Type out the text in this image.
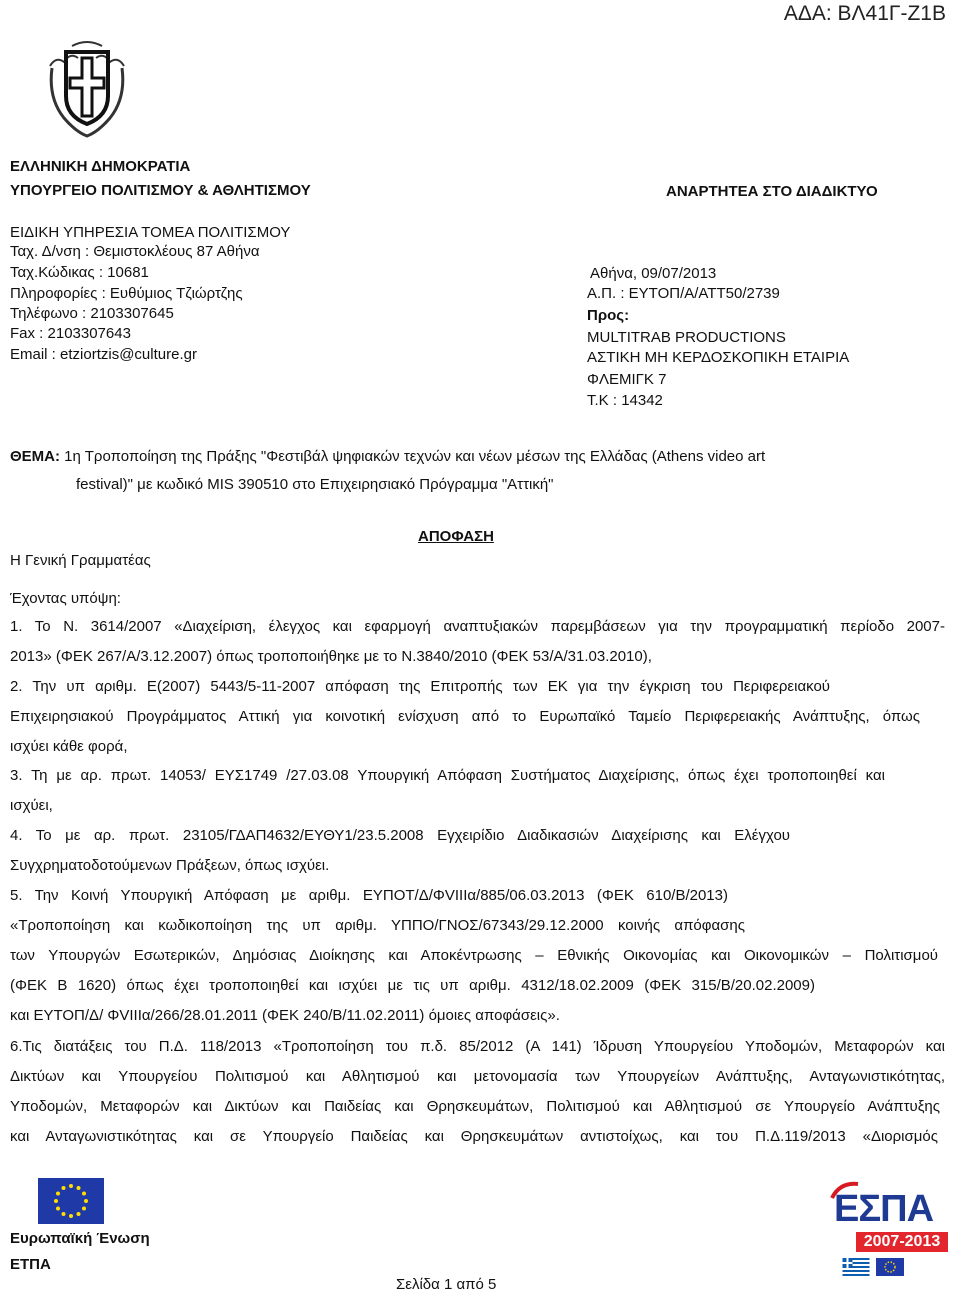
ΑΔΑ: ΒΛ41Γ-Ζ1Β
ΕΛΛΗΝΙΚΗ ΔΗΜΟΚΡΑΤΙΑ
ΥΠΟΥΡΓΕΙΟ ΠΟΛΙΤΙΣΜΟΥ & ΑΘΛΗΤΙΣΜΟΥ	ΑΝΑΡΤΗΤΕΑ ΣΤΟ ΔΙΑΔΙΚΤΥΟ
ΕΙΔΙΚΗ ΥΠΗΡΕΣΙΑ ΤΟΜΕΑ ΠΟΛΙΤΙΣΜΟΥ
Ταχ. Δ/νση : Θεμιστοκλέους 87 Αθήνα
Ταχ.Κώδικας : 10681
Πληροφορίες : Ευθύμιος Τζιώρτζης
Τηλέφωνο : 2103307645
Fax : 2103307643
Email : etziortzis@culture.gr
Αθήνα, 09/07/2013
Α.Π. : ΕΥΤΟΠ/Α/ΑΤΤ50/2739
Προς:
MULTITRAB PRODUCTIONS
ΑΣΤΙΚΗ ΜΗ ΚΕΡΔΟΣΚΟΠΙΚΗ ΕΤΑΙΡΙΑ
ΦΛΕΜΙΓΚ 7
Τ.Κ : 14342
ΘΕΜΑ: 1η Τροποποίηση της Πράξης "Φεστιβάλ ψηφιακών τεχνών και νέων μέσων της Ελλάδας (Athens video art
festival)" με κωδικό MIS 390510 στο Επιχειρησιακό Πρόγραμμα "Αττική"
ΑΠΟΦΑΣΗ
Η Γενική Γραμματέας
Έχοντας υπόψη:
1. Το Ν. 3614/2007 «Διαχείριση, έλεγχος και εφαρμογή αναπτυξιακών παρεμβάσεων για την προγραμματική περίοδο 2007-
2013» (ΦΕΚ 267/Α/3.12.2007) όπως τροποποιήθηκε με το Ν.3840/2010 (ΦΕΚ 53/Α/31.03.2010),
2. Την υπ αριθμ. Ε(2007) 5443/5-11-2007 απόφαση της Επιτροπής των ΕΚ για την έγκριση του Περιφερειακού
Επιχειρησιακού Προγράμματος Αττική για κοινοτική ενίσχυση από το Ευρωπαϊκό Ταμείο Περιφερειακής Ανάπτυξης, όπως
ισχύει κάθε φορά,
3. Τη με αρ. πρωτ. 14053/ ΕΥΣ1749 /27.03.08 Υπουργική Απόφαση Συστήματος Διαχείρισης, όπως έχει τροποποιηθεί και
ισχύει,
4. Το με αρ. πρωτ. 23105/ΓΔΑΠ4632/ΕΥΘΥ1/23.5.2008 Εγχειρίδιο Διαδικασιών Διαχείρισης και Ελέγχου
Συγχρηματοδοτούμενων Πράξεων, όπως ισχύει.
5. Την Κοινή Υπουργική Απόφαση με αριθμ. ΕΥΠΟΤ/Δ/ΦVIIIα/885/06.03.2013 (ΦΕΚ 610/Β/2013)
«Τροποποίηση και κωδικοποίηση της υπ αριθμ. ΥΠΠΟ/ΓΝΟΣ/67343/29.12.2000 κοινής απόφασης
των Υπουργών Εσωτερικών, Δημόσιας Διοίκησης και Αποκέντρωσης – Εθνικής Οικονομίας και Οικονομικών – Πολιτισμού
(ΦΕΚ Β 1620) όπως έχει τροποποιηθεί και ισχύει με τις υπ αριθμ. 4312/18.02.2009 (ΦΕΚ 315/Β/20.02.2009)
και ΕΥΤΟΠ/Δ/ ΦVIIIα/266/28.01.2011 (ΦΕΚ 240/Β/11.02.2011) όμοιες αποφάσεις».
6.Τις διατάξεις του Π.Δ. 118/2013 «Τροποποίηση του π.δ. 85/2012 (Α 141) Ίδρυση Υπουργείου Υποδομών, Μεταφορών και
Δικτύων και Υπουργείου Πολιτισμού και Αθλητισμού και μετονομασία των Υπουργείων Ανάπτυξης, Ανταγωνιστικότητας,
Υποδομών, Μεταφορών και Δικτύων και Παιδείας και Θρησκευμάτων, Πολιτισμού και Αθλητισμού σε Υπουργείο Ανάπτυξης
και Ανταγωνιστικότητας και σε Υπουργείο Παιδείας και Θρησκευμάτων αντιστοίχως, και του Π.Δ.119/2013 «Διορισμός
Ευρωπαϊκή Ένωση
ΕΤΠΑ
ΕΣΠΑ
2007-2013
Σελίδα 1 από 5
